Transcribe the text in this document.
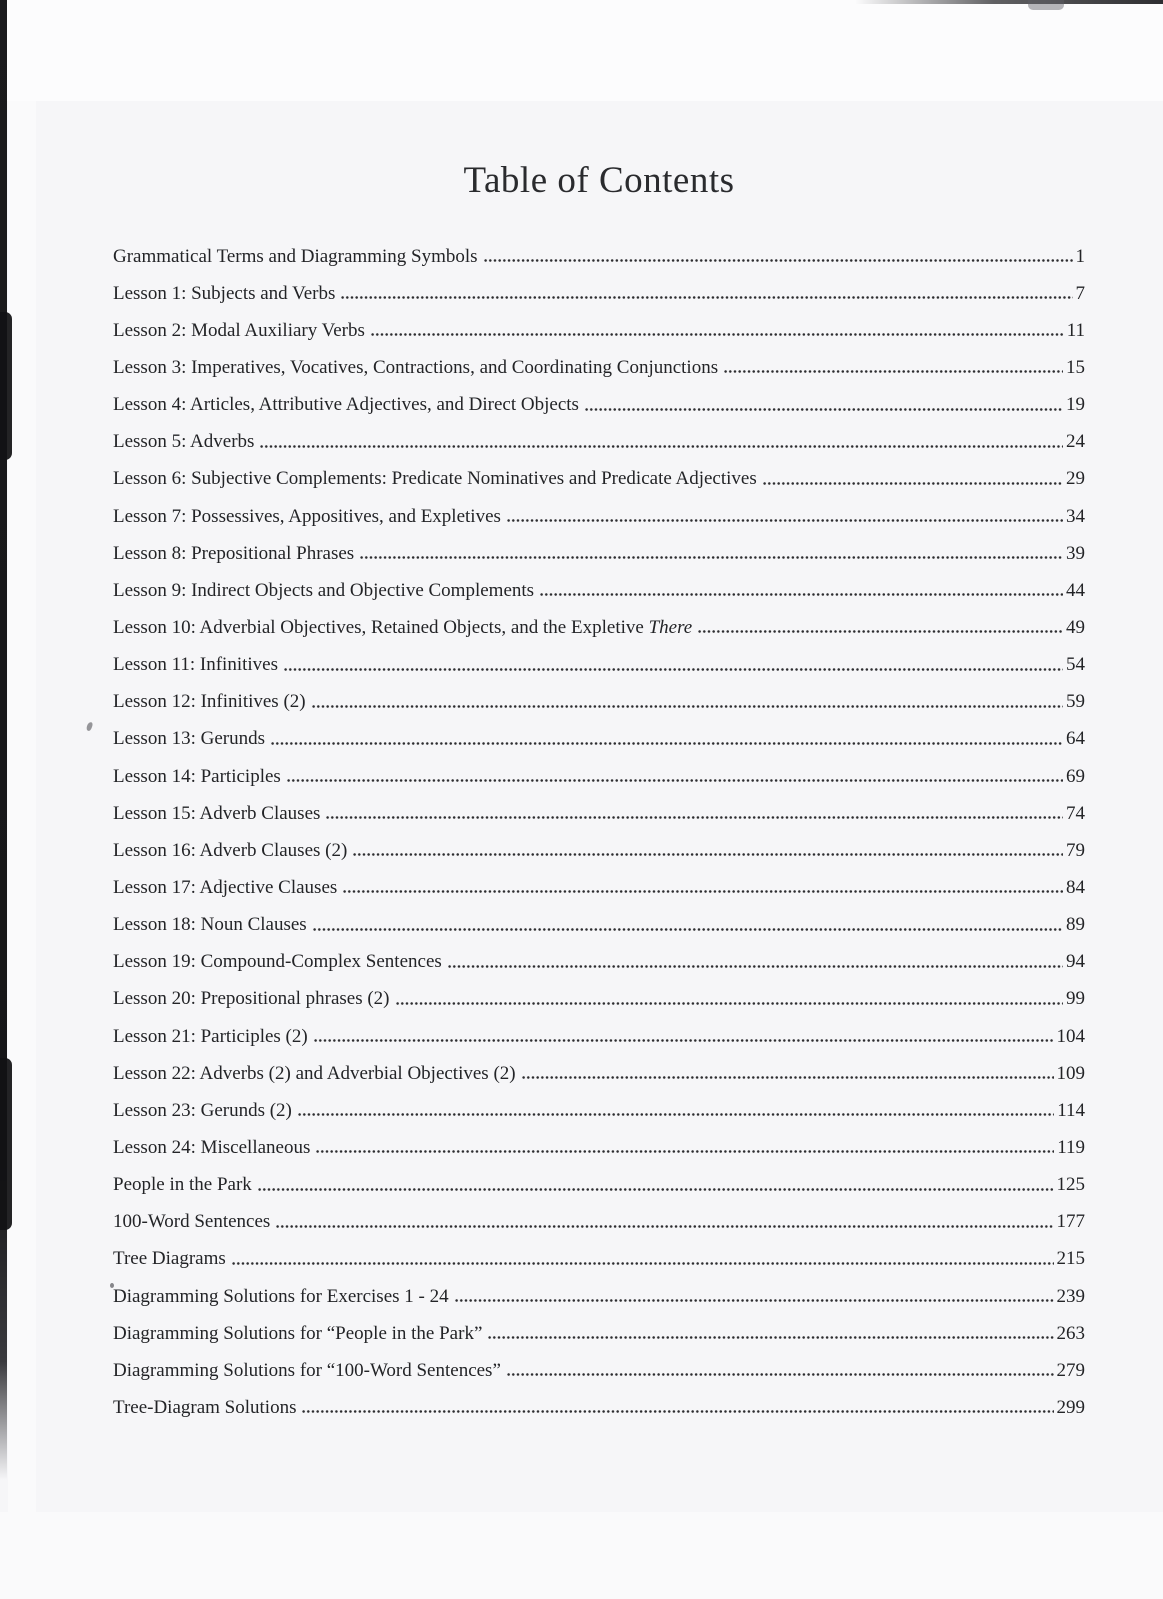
Table of Contents
Grammatical Terms and Diagramming Symbols	1
Lesson 1: Subjects and Verbs	7
Lesson 2: Modal Auxiliary Verbs	11
Lesson 3: Imperatives, Vocatives, Contractions, and Coordinating Conjunctions	15
Lesson 4: Articles, Attributive Adjectives, and Direct Objects	19
Lesson 5: Adverbs	24
Lesson 6: Subjective Complements: Predicate Nominatives and Predicate Adjectives	29
Lesson 7: Possessives, Appositives, and Expletives	34
Lesson 8: Prepositional Phrases	39
Lesson 9: Indirect Objects and Objective Complements	44
Lesson 10: Adverbial Objectives, Retained Objects, and the Expletive There	49
Lesson 11: Infinitives	54
Lesson 12: Infinitives (2)	59
Lesson 13: Gerunds	64
Lesson 14: Participles	69
Lesson 15: Adverb Clauses	74
Lesson 16: Adverb Clauses (2)	79
Lesson 17: Adjective Clauses	84
Lesson 18: Noun Clauses	89
Lesson 19: Compound-Complex Sentences	94
Lesson 20: Prepositional phrases (2)	99
Lesson 21: Participles (2)	104
Lesson 22: Adverbs (2) and Adverbial Objectives (2)	109
Lesson 23: Gerunds (2)	114
Lesson 24: Miscellaneous	119
People in the Park	125
100-Word Sentences	177
Tree Diagrams	215
Diagramming Solutions for Exercises 1 - 24	239
Diagramming Solutions for “People in the Park”	263
Diagramming Solutions for “100-Word Sentences”	279
Tree-Diagram Solutions	299
